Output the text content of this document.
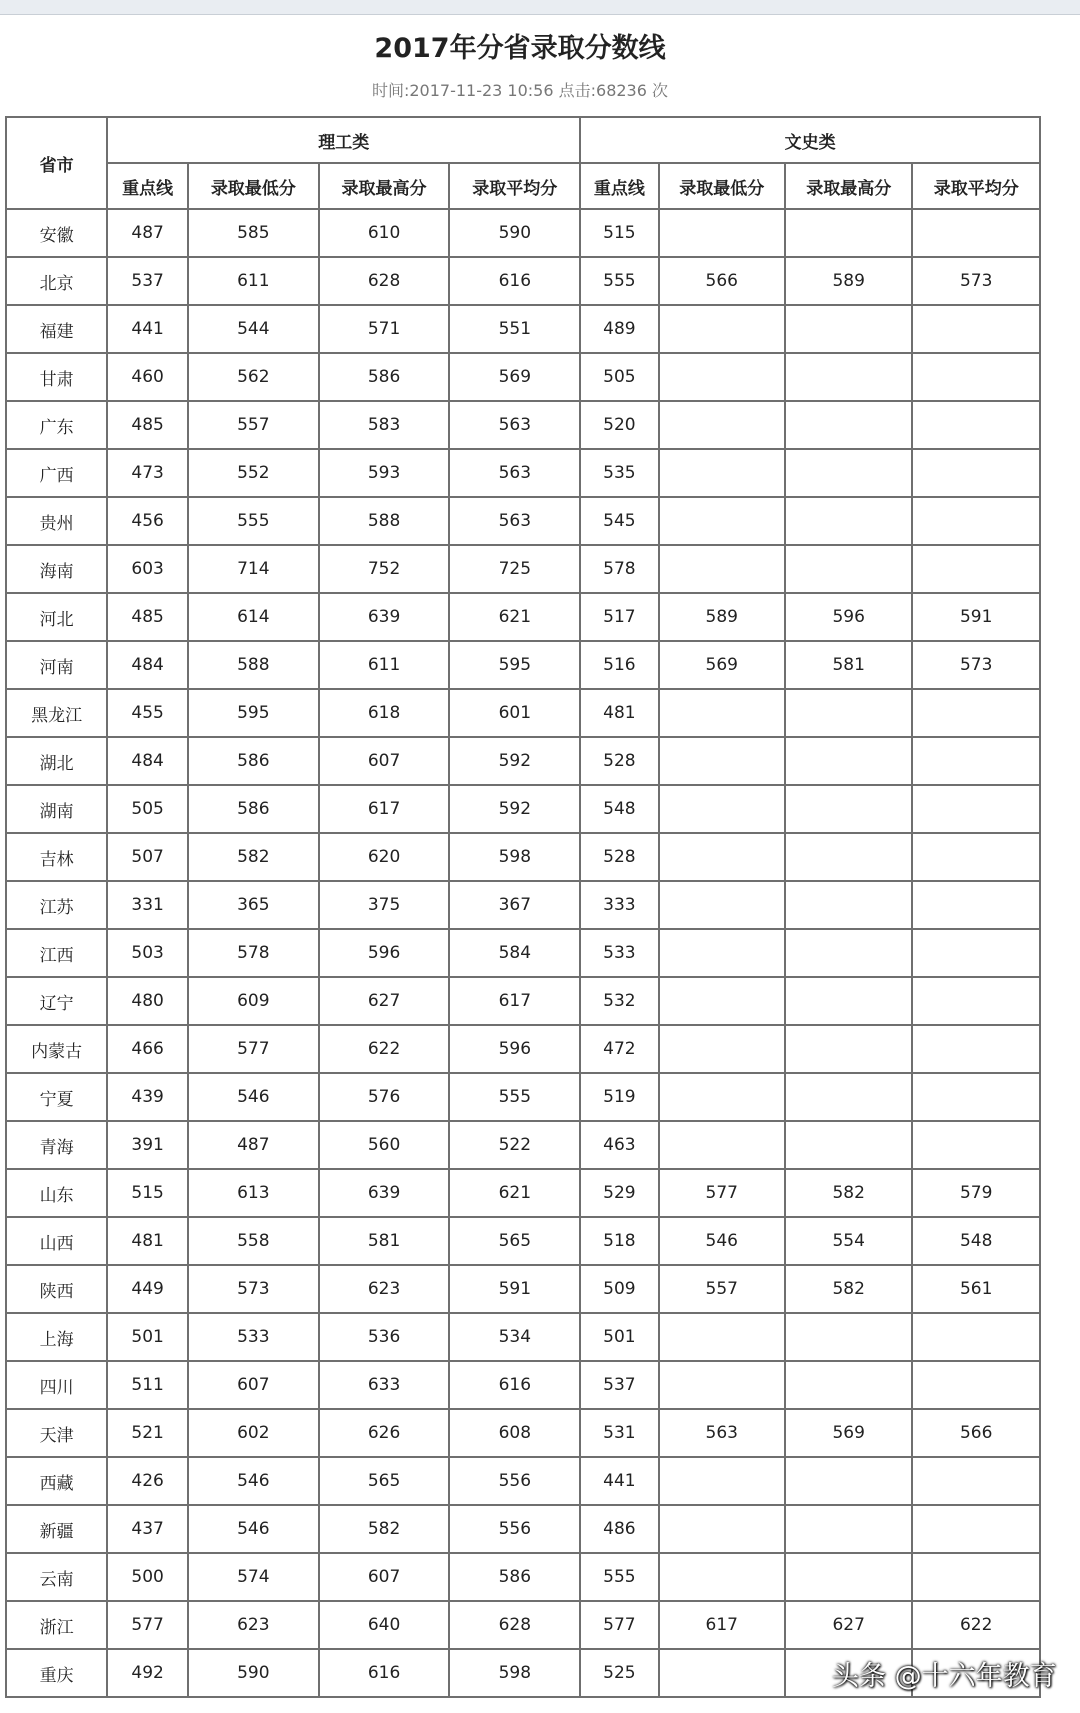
2017年分省录取分数线
时间:2017-11-23 10:56 点击:68236 次
省市	理工类				文史类			
	重点线	录取最低分	录取最高分	录取平均分	重点线	录取最低分	录取最高分	录取平均分
安徽	487	585	610	590	515			
北京	537	611	628	616	555	566	589	573
福建	441	544	571	551	489			
甘肃	460	562	586	569	505			
广东	485	557	583	563	520			
广西	473	552	593	563	535			
贵州	456	555	588	563	545			
海南	603	714	752	725	578			
河北	485	614	639	621	517	589	596	591
河南	484	588	611	595	516	569	581	573
黑龙江	455	595	618	601	481			
湖北	484	586	607	592	528			
湖南	505	586	617	592	548			
吉林	507	582	620	598	528			
江苏	331	365	375	367	333			
江西	503	578	596	584	533			
辽宁	480	609	627	617	532			
内蒙古	466	577	622	596	472			
宁夏	439	546	576	555	519			
青海	391	487	560	522	463			
山东	515	613	639	621	529	577	582	579
山西	481	558	581	565	518	546	554	548
陕西	449	573	623	591	509	557	582	561
上海	501	533	536	534	501			
四川	511	607	633	616	537			
天津	521	602	626	608	531	563	569	566
西藏	426	546	565	556	441			
新疆	437	546	582	556	486			
云南	500	574	607	586	555			
浙江	577	623	640	628	577	617	627	622
重庆	492	590	616	598	525				头条 @十六年教育
